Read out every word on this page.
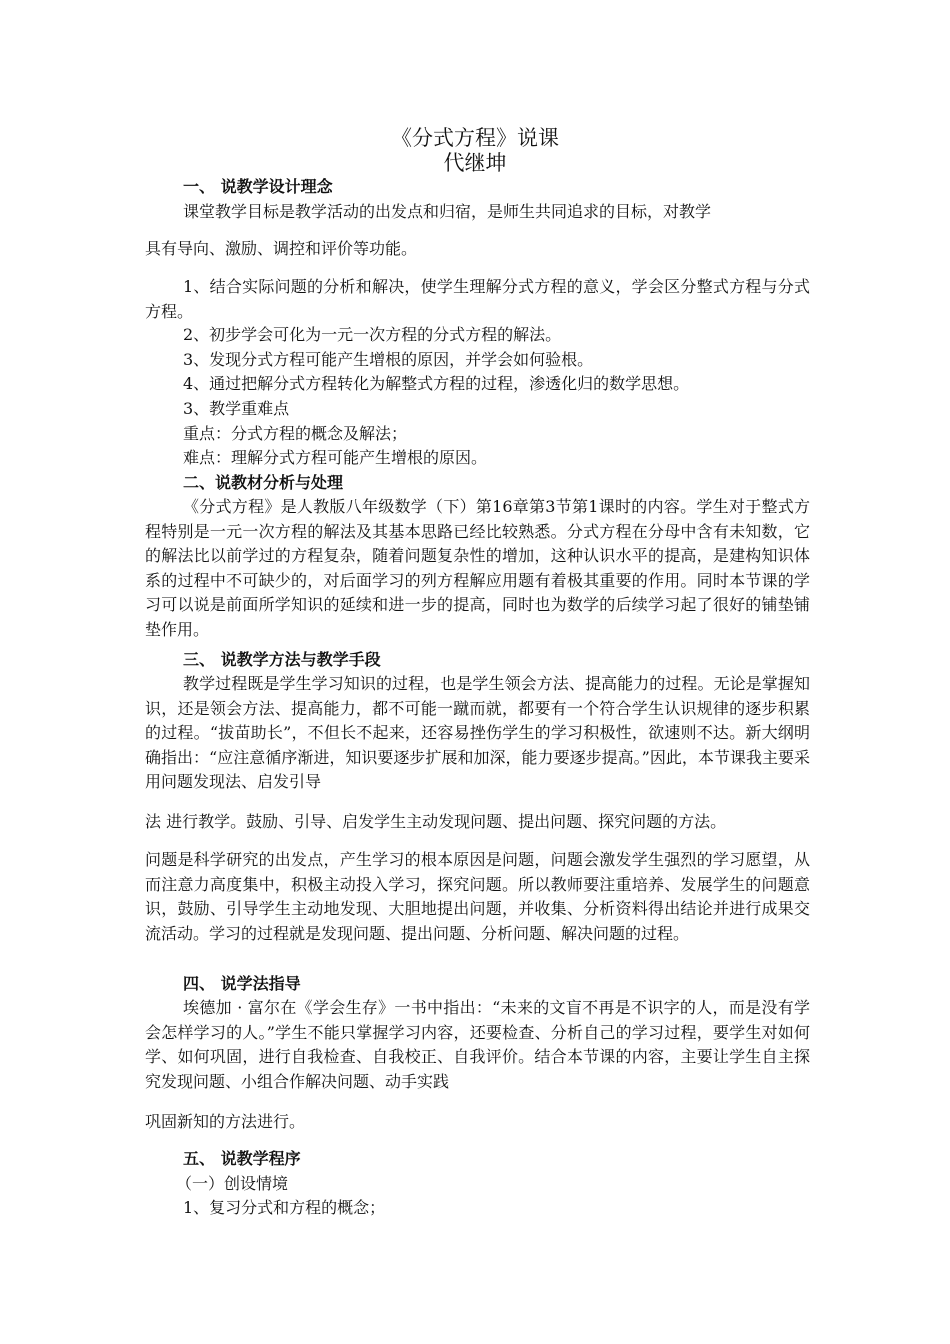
《分式方程》说课
代继坤
一、 说教学设计理念
课堂教学目标是教学活动的出发点和归宿，是师生共同追求的目标，对教学
具有导向、激励、调控和评价等功能。
1、结合实际问题的分析和解决，使学生理解分式方程的意义，学会区分整式方程与分式方程。
2、初步学会可化为一元一次方程的分式方程的解法。
3、发现分式方程可能产生增根的原因，并学会如何验根。
4、通过把解分式方程转化为解整式方程的过程，渗透化归的数学思想。
3、教学重难点
重点：分式方程的概念及解法；
难点：理解分式方程可能产生增根的原因。
二、说教材分析与处理
《分式方程》是人教版八年级数学（下）第16章第3节第1课时的内容。学生对于整式方程特别是一元一次方程的解法及其基本思路已经比较熟悉。分式方程在分母中含有未知数，它的解法比以前学过的方程复杂，随着问题复杂性的增加，这种认识水平的提高，是建构知识体系的过程中不可缺少的，对后面学习的列方程解应用题有着极其重要的作用。同时本节课的学习可以说是前面所学知识的延续和进一步的提高，同时也为数学的后续学习起了很好的铺垫铺垫作用。
三、 说教学方法与教学手段
教学过程既是学生学习知识的过程，也是学生领会方法、提高能力的过程。无论是掌握知识，还是领会方法、提高能力，都不可能一蹴而就，都要有一个符合学生认识规律的逐步积累的过程。“拔苗助长”，不但长不起来，还容易挫伤学生的学习积极性，欲速则不达。新大纲明确指出：“应注意循序渐进，知识要逐步扩展和加深，能力要逐步提高。”因此，本节课我主要采用问题发现法、启发引导
法 进行教学。鼓励、引导、启发学生主动发现问题、提出问题、探究问题的方法。
问题是科学研究的出发点，产生学习的根本原因是问题，问题会激发学生强烈的学习愿望，从而注意力高度集中，积极主动投入学习，探究问题。所以教师要注重培养、发展学生的问题意识，鼓励、引导学生主动地发现、大胆地提出问题，并收集、分析资料得出结论并进行成果交流活动。学习的过程就是发现问题、提出问题、分析问题、解决问题的过程。
四、 说学法指导
埃德加 · 富尔在《学会生存》一书中指出：“未来的文盲不再是不识字的人，而是没有学会怎样学习的人。”学生不能只掌握学习内容，还要检查、分析自己的学习过程，要学生对如何学、如何巩固，进行自我检查、自我校正、自我评价。结合本节课的内容，主要让学生自主探究发现问题、小组合作解决问题、动手实践
巩固新知的方法进行。
五、 说教学程序
（一）创设情境
1、复习分式和方程的概念；
